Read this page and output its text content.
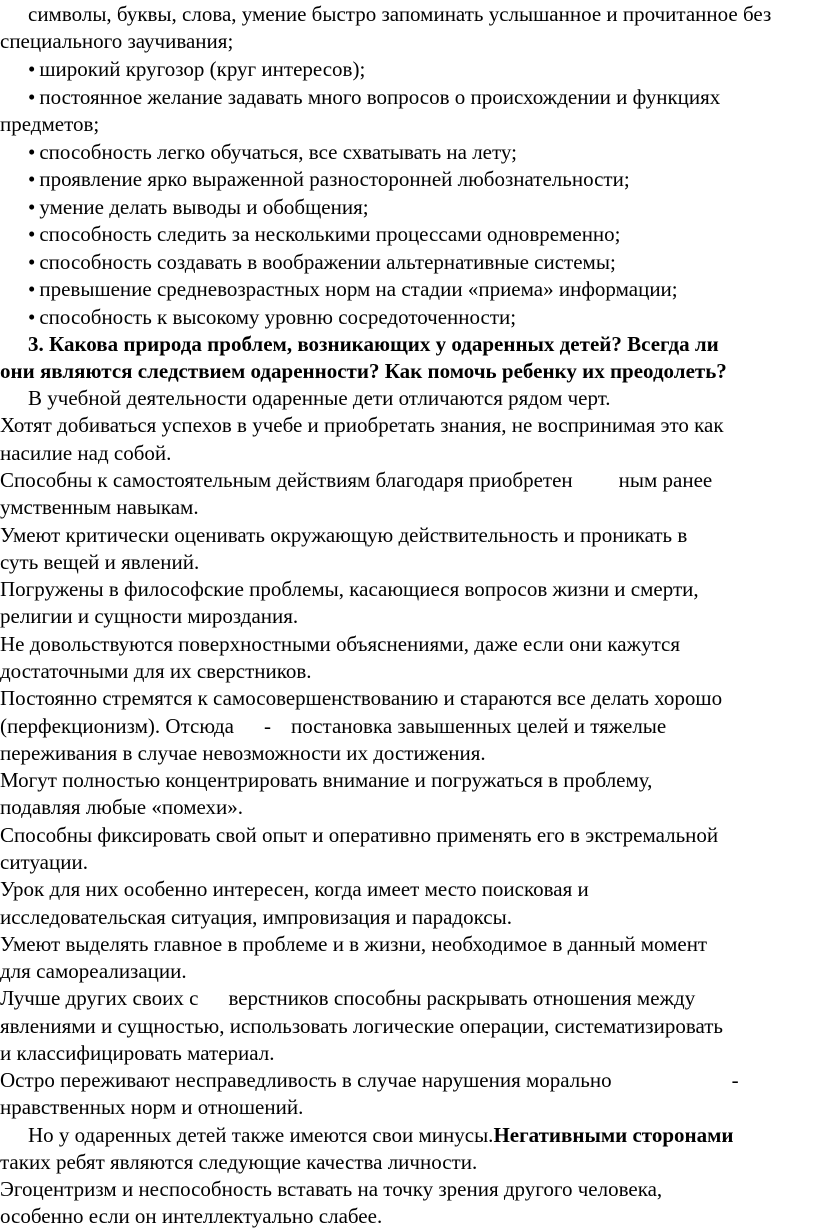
символы, буквы, слова, умение быстро запоминать услышанное и прочитанное без
специального заучивания;
• широкий кругозор (круг интересов);
• постоянное желание задавать много вопросов о происхождении и функциях
предметов;
• способность легко обучаться, все схватывать на лету;
• проявление ярко выраженной разносторонней любознательности;
• умение делать выводы и обобщения;
• способность следить за несколькими процессами одновременно;
• способность создавать в воображении альтернативные системы;
• превышение средневозрастных норм на стадии «приема» информации;
• способность к высокому уровню сосредоточенности;
3. Какова природа проблем, возникающих у одаренных детей? Всегда ли
они являются следствием одаренности? Как помочь ребенку их преодолеть?
В учебной деятельности одаренные дети отличаются рядом черт.
Хотят добиваться успехов в учебе и приобретать знания, не воспринимая это как
насилие над собой.
Способны к самостоятельным действиям благодаря приобретен ным ранее
умственным навыкам.
Умеют критически оценивать окружающую действительность и проникать в
суть вещей и явлений.
Погружены в философские проблемы, касающиеся вопросов жизни и смерти,
религии и сущности мироздания.
Не довольствуются поверхностными объяснениями, даже если они кажутся
достаточными для их сверстников.
Постоянно стремятся к самосовершенствованию и стараются все делать хорошо
(перфекционизм). Отсюда - постановка завышенных целей и тяжелые
переживания в случае невозможности их достижения.
Могут полностью концентрировать внимание и погружаться в проблему,
подавляя любые «помехи».
Способны фиксировать свой опыт и оперативно применять его в экстремальной
ситуации.
Урок для них особенно интересен, когда имеет место поисковая и
исследовательская ситуация, импровизация и парадоксы.
Умеют выделять главное в проблеме и в жизни, необходимое в данный момент
для самореализации.
Лучше других своих с верстников способны раскрывать отношения между
явлениями и сущностью, использовать логические операции, систематизировать
и классифицировать материал.
Остро переживают несправедливость в случае нарушения морально	-
нравственных норм и отношений.
Но у одаренных детей также имеются свои минусы.Негативными сторонами
таких ребят являются следующие качества личности.
Эгоцентризм и неспособность вставать на точку зрения другого человека,
особенно если он интеллектуально слабее.
